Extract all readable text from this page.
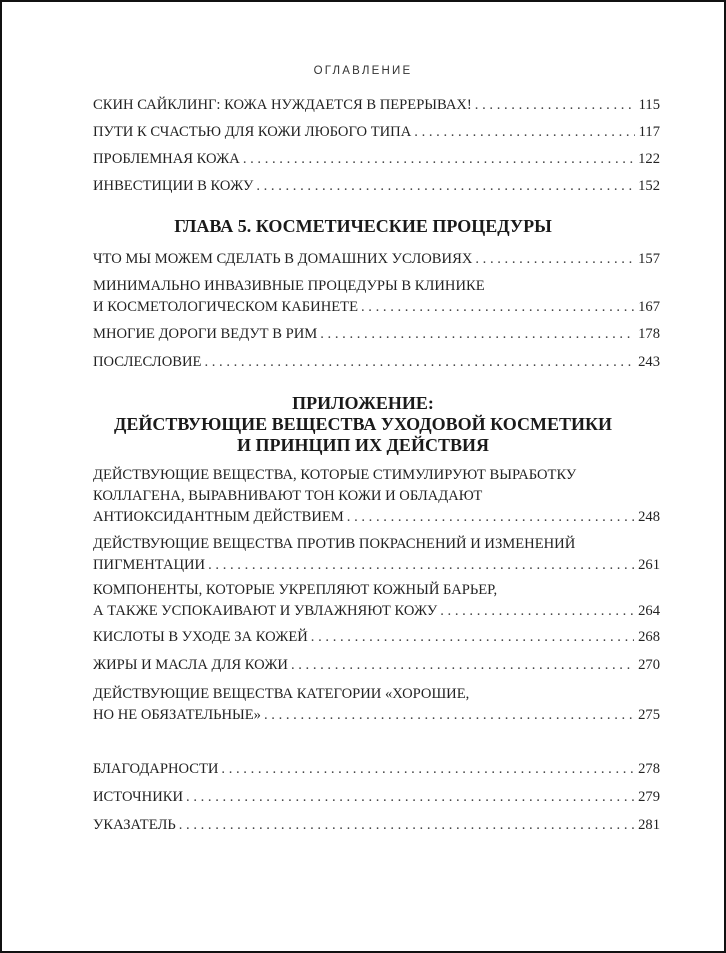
ОГЛАВЛЕНИЕ
СКИН САЙКЛИНГ: КОЖА НУЖДАЕТСЯ В ПЕРЕРЫВАХ! . . .	115
ПУТИ К СЧАСТЬЮ ДЛЯ КОЖИ ЛЮБОГО ТИПА . . .	117
ПРОБЛЕМНАЯ КОЖА . . .	122
ИНВЕСТИЦИИ В КОЖУ . . .	152
ГЛАВА 5. КОСМЕТИЧЕСКИЕ ПРОЦЕДУРЫ
ЧТО МЫ МОЖЕМ СДЕЛАТЬ В ДОМАШНИХ УСЛОВИЯХ . . .	157
МИНИМАЛЬНО ИНВАЗИВНЫЕ ПРОЦЕДУРЫ В КЛИНИКЕ
И КОСМЕТОЛОГИЧЕСКОМ КАБИНЕТЕ . . .	167
МНОГИЕ ДОРОГИ ВЕДУТ В РИМ . . .	178
ПОСЛЕСЛОВИЕ . . .	243
ПРИЛОЖЕНИЕ:
ДЕЙСТВУЮЩИЕ ВЕЩЕСТВА УХОДОВОЙ КОСМЕТИКИ
И ПРИНЦИП ИХ ДЕЙСТВИЯ
ДЕЙСТВУЮЩИЕ ВЕЩЕСТВА, КОТОРЫЕ СТИМУЛИРУЮТ ВЫРАБОТКУ
КОЛЛАГЕНА, ВЫРАВНИВАЮТ ТОН КОЖИ И ОБЛАДАЮТ
АНТИОКСИДАНТНЫМ ДЕЙСТВИЕМ . . .	248
ДЕЙСТВУЮЩИЕ ВЕЩЕСТВА ПРОТИВ ПОКРАСНЕНИЙ И ИЗМЕНЕНИЙ
ПИГМЕНТАЦИИ . . .	261
КОМПОНЕНТЫ, КОТОРЫЕ УКРЕПЛЯЮТ КОЖНЫЙ БАРЬЕР,
А ТАКЖЕ УСПОКАИВАЮТ И УВЛАЖНЯЮТ КОЖУ . . .	264
КИСЛОТЫ В УХОДЕ ЗА КОЖЕЙ . . .	268
ЖИРЫ И МАСЛА ДЛЯ КОЖИ . . .	270
ДЕЙСТВУЮЩИЕ ВЕЩЕСТВА КАТЕГОРИИ «ХОРОШИЕ,
НО НЕ ОБЯЗАТЕЛЬНЫЕ» . . .	275
БЛАГОДАРНОСТИ . . .	278
ИСТОЧНИКИ . . .	279
УКАЗАТЕЛЬ . . .	281
